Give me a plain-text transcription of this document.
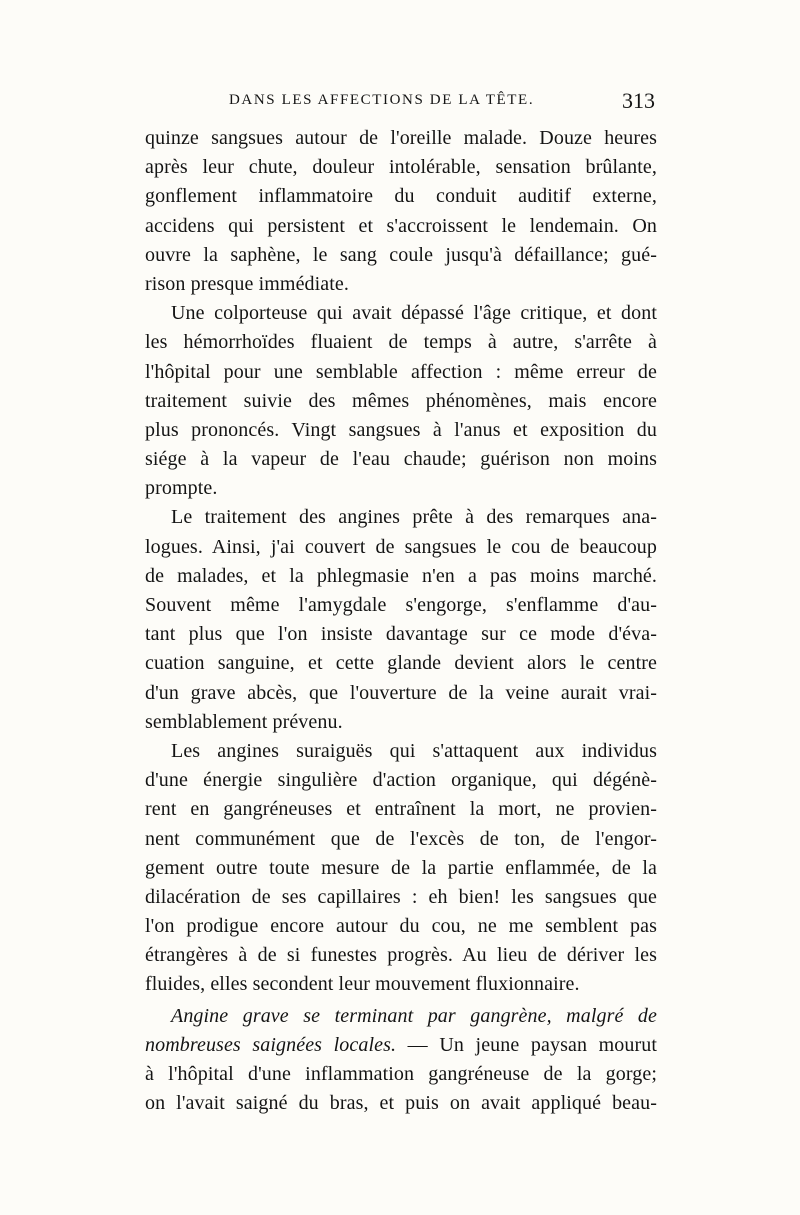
DANS LES AFFECTIONS DE LA TÊTE.	313
quinze sangsues autour de l'oreille malade. Douze heures
après leur chute, douleur intolérable, sensation brûlante,
gonflement inflammatoire du conduit auditif externe,
accidens qui persistent et s'accroissent le lendemain. On
ouvre la saphène, le sang coule jusqu'à défaillance; gué-
rison presque immédiate.
Une colporteuse qui avait dépassé l'âge critique, et dont
les hémorrhoïdes fluaient de temps à autre, s'arrête à
l'hôpital pour une semblable affection : même erreur de
traitement suivie des mêmes phénomènes, mais encore
plus prononcés. Vingt sangsues à l'anus et exposition du
siége à la vapeur de l'eau chaude; guérison non moins
prompte.
Le traitement des angines prête à des remarques ana-
logues. Ainsi, j'ai couvert de sangsues le cou de beaucoup
de malades, et la phlegmasie n'en a pas moins marché.
Souvent même l'amygdale s'engorge, s'enflamme d'au-
tant plus que l'on insiste davantage sur ce mode d'éva-
cuation sanguine, et cette glande devient alors le centre
d'un grave abcès, que l'ouverture de la veine aurait vrai-
semblablement prévenu.
Les angines suraiguës qui s'attaquent aux individus
d'une énergie singulière d'action organique, qui dégénè-
rent en gangréneuses et entraînent la mort, ne provien-
nent communément que de l'excès de ton, de l'engor-
gement outre toute mesure de la partie enflammée, de la
dilacération de ses capillaires : eh bien! les sangsues que
l'on prodigue encore autour du cou, ne me semblent pas
étrangères à de si funestes progrès. Au lieu de dériver les
fluides, elles secondent leur mouvement fluxionnaire.
Angine grave se terminant par gangrène, malgré de
nombreuses saignées locales. — Un jeune paysan mourut
à l'hôpital d'une inflammation gangréneuse de la gorge;
on l'avait saigné du bras, et puis on avait appliqué beau-
